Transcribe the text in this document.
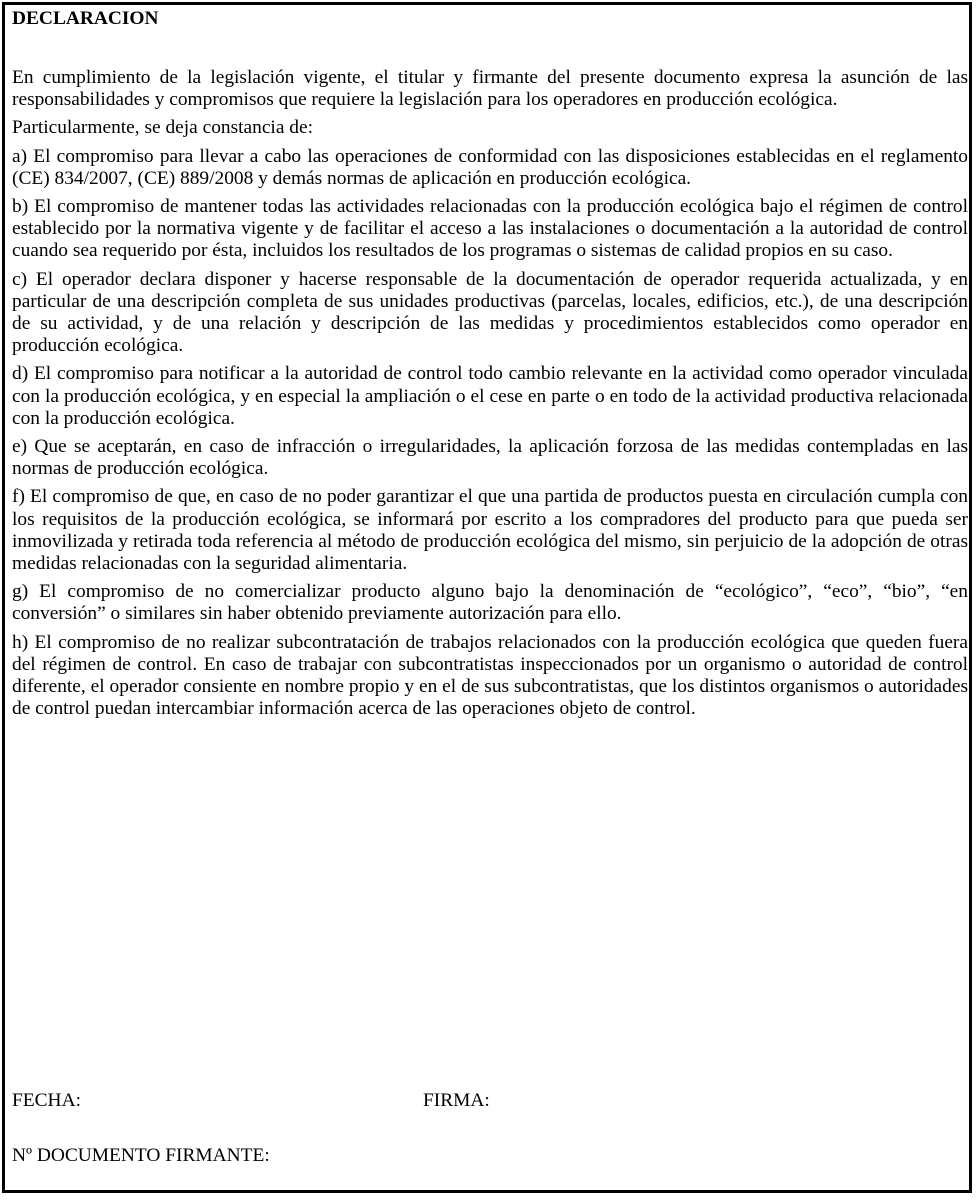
DECLARACION

En cumplimiento de la legislación vigente, el titular y firmante del presente documento expresa la asunción de las responsabilidades y compromisos que requiere la legislación para los operadores en producción ecológica.

Particularmente, se deja constancia de:

a) El compromiso para llevar a cabo las operaciones de conformidad con las disposiciones establecidas en el reglamento (CE) 834/2007, (CE) 889/2008 y demás normas de aplicación en producción ecológica.

b) El compromiso de mantener todas las actividades relacionadas con la producción ecológica bajo el régimen de control establecido por la normativa vigente y de facilitar el acceso a las instalaciones o documentación a la autoridad de control cuando sea requerido por ésta, incluidos los resultados de los programas o sistemas de calidad propios en su caso.

c) El operador declara disponer y hacerse responsable de la documentación de operador requerida actualizada, y en particular de una descripción completa de sus unidades productivas (parcelas, locales, edificios, etc.), de una descripción de su actividad, y de una relación y descripción de las medidas y procedimientos establecidos como operador en producción ecológica.

d) El compromiso para notificar a la autoridad de control todo cambio relevante en la actividad como operador vinculada con la producción ecológica, y en especial la ampliación o el cese en parte o en todo de la actividad productiva relacionada con la producción ecológica.

e) Que se aceptarán, en caso de infracción o irregularidades, la aplicación forzosa de las medidas contempladas en las normas de producción ecológica.

f) El compromiso de que, en caso de no poder garantizar el que una partida de productos puesta en circulación cumpla con los requisitos de la producción ecológica, se informará por escrito a los compradores del producto para que pueda ser inmovilizada y retirada toda referencia al método de producción ecológica del mismo, sin perjuicio de la adopción de otras medidas relacionadas con la seguridad alimentaria.

g) El compromiso de no comercializar producto alguno bajo la denominación de “ecológico”, “eco”, “bio”, “en conversión” o similares sin haber obtenido previamente autorización para ello.

h) El compromiso de no realizar subcontratación de trabajos relacionados con la producción ecológica que queden fuera del régimen de control. En caso de trabajar con subcontratistas inspeccionados por un organismo o autoridad de control diferente, el operador consiente en nombre propio y en el de sus subcontratistas, que los distintos organismos o autoridades de control puedan intercambiar información acerca de las operaciones objeto de control.

FECHA:	FIRMA:
Nº DOCUMENTO FIRMANTE:
